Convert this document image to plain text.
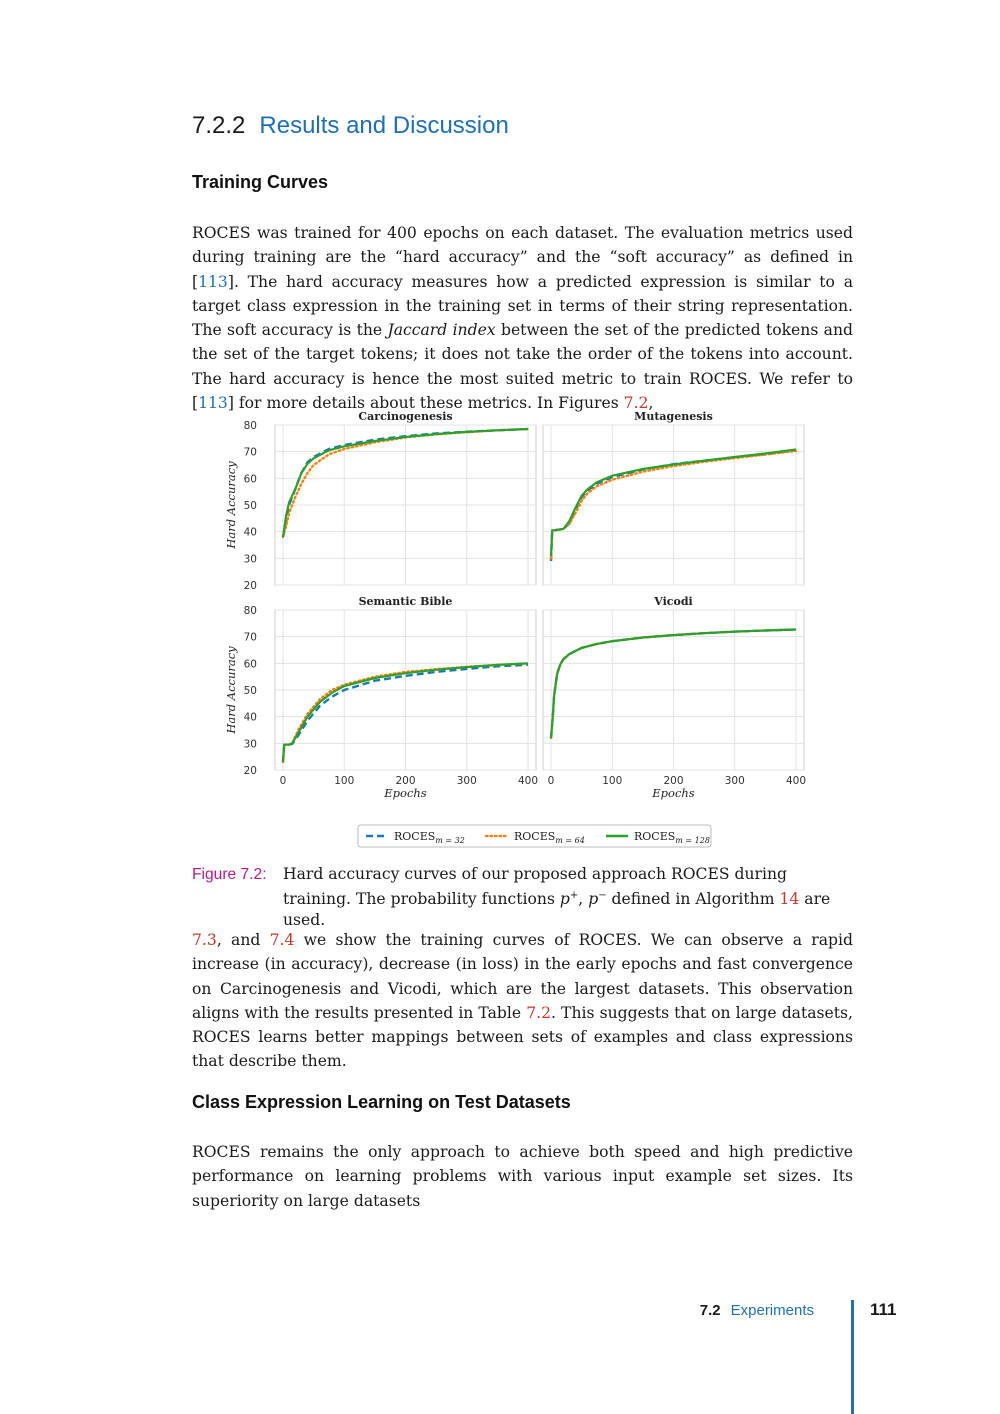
7.2.2 Results and Discussion
Training Curves

ROCES was trained for 400 epochs on each dataset. The evaluation metrics used during training are the “hard accuracy” and the “soft accuracy” as defined in [113]. The hard accuracy measures how a predicted expression is similar to a target class expression in the training set in terms of their string representation. The soft accuracy is the Jaccard index between the set of the predicted tokens and the set of the target tokens; it does not take the order of the tokens into account. The hard accuracy is hence the most suited metric to train ROCES. We refer to [113] for more details about these metrics. In Figures 7.2,

Carcinogenesis
20
30
40
50
60
70
80
Hard Accuracy
Mutagenesis
Semantic Bible
20
30
40
50
60
70
80
Hard Accuracy
0	100	200	300	400
Epochs
Vicodi
0	100	200	300	400
Epochs
$ROCES_{m = 32}$	$ROCES_{m = 64}$	$ROCES_{m = 128}$
Figure 7.2: Hard accuracy curves of our proposed approach ROCES during training. The probability functions p+, p− defined in Algorithm 14 are used.

7.3, and 7.4 we show the training curves of ROCES. We can observe a rapid increase (in accuracy), decrease (in loss) in the early epochs and fast convergence on Carcinogenesis and Vicodi, which are the largest datasets. This observation aligns with the results presented in Table 7.2. This suggests that on large datasets, ROCES learns better mappings between sets of examples and class expressions that describe them.

Class Expression Learning on Test Datasets

ROCES remains the only approach to achieve both speed and high predictive performance on learning problems with various input example set sizes. Its superiority on large datasets

7.2 Experiments	111
